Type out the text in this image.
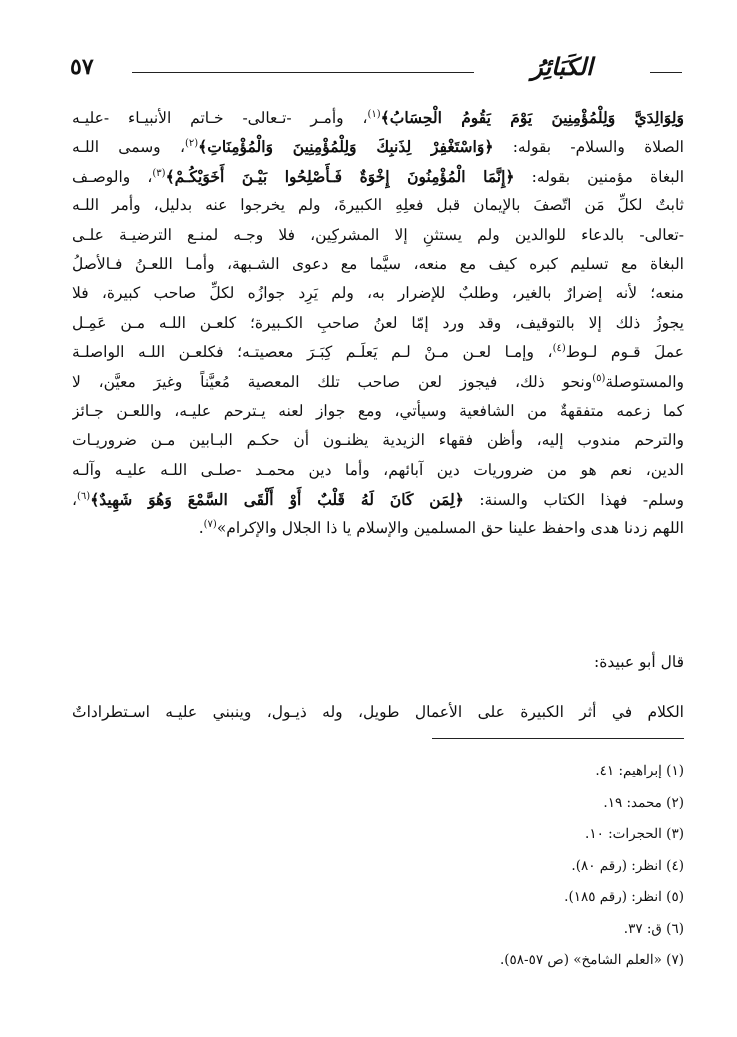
٥٧	الكَبَائِرُ
وَلِوَالِدَيَّ وَلِلْمُؤْمِنِينَ يَوْمَ يَقُومُ الْحِسَابُ﴾$^{(١)}$، وأمـر -تـعالى- خـاتم الأنبيـاء -عليـه
الصلاة والسلام- بقوله: ﴿وَاسْتَغْفِرْ لِذَنبِكَ وَلِلْمُؤْمِنِينَ وَالْمُؤْمِنَاتِ﴾$^{(٢)}$، وسمى اللـه
البغاة مؤمنين بقوله: ﴿إِنَّمَا الْمُؤْمِنُونَ إِخْوَةٌ فَـأَصْلِحُوا بَيْـنَ أَخَوَيْكُـمْ﴾$^{(٣)}$، والوصـف
ثابتٌ لكلِّ مَن اتّصفَ بالإيمان قبل فعلِهِ الكبيرةَ، ولم يخرجوا عنه بدليل، وأمر اللـه
-تعالى- بالدعاء للوالدين ولم يستثنِ إلا المشركِين، فلا وجـه لمنـع الترضيـة علـى
البغاة مع تسليم كبره كيف مع منعه، سيَّما مع دعوى الشـبهة، وأمـا اللعـنُ فـالأصلُ
منعه؛ لأنه إضرارٌ بالغير، وطلبٌ للإضرار به، ولم يَرِد جوازُه لكلِّ صاحب كبيرة، فلا
يجوزُ ذلك إلا بالتوقيف، وقد ورد إمّا لعنُ صاحبِ الكـبيرة؛ كلعـن اللـه مـن عَمِـل
عملَ قـوم لـوط$^{(٤)}$، وإمـا لعـن مـنْ لـم يَعلَـم كِبَـرَ معصيتـه؛ فكلعـن اللـه الواصلـة
والمستوصلة$^{(٥)}$ونحو ذلك، فيجوز لعن صاحب تلك المعصية مُعيَّناً وغيرَ معيَّن، لا
كما زعمه متفقهةٌ من الشافعية وسيأتي، ومع جواز لعنه يـترحم عليـه، واللعـن جـائز
والترحم مندوب إليه، وأظن فقهاء الزيدية يظنـون أن حكـم البـابين مـن ضروريـات
الدين، نعم هو من ضروريات دين آبائهم، وأما دين محمـد -صلـى اللـه عليـه وآلـه
وسلم- فهذا الكتاب والسنة: ﴿لِمَن كَانَ لَهُ قَلْبٌ أَوْ أَلْقَى السَّمْعَ وَهُوَ شَهِيدٌ﴾$^{(٦)}$،
اللهم زدنا هدى واحفظ علينا حق المسلمين والإسلام يا ذا الجلال والإكرام»$^{(٧)}$.
قال أبو عبيدة:
الكلام في أثر الكبيرة على الأعمال طويل، وله ذيـول، وينبني عليـه اسـتطراداتٌ
(١) إبراهيم: ٤١.
(٢) محمد: ١٩.
(٣) الحجرات: ١٠.
(٤) انظر: (رقم ٨٠).
(٥) انظر: (رقم ١٨٥).
(٦) ق: ٣٧.
(٧) «العلم الشامخ» (ص ٥٧-٥٨).
